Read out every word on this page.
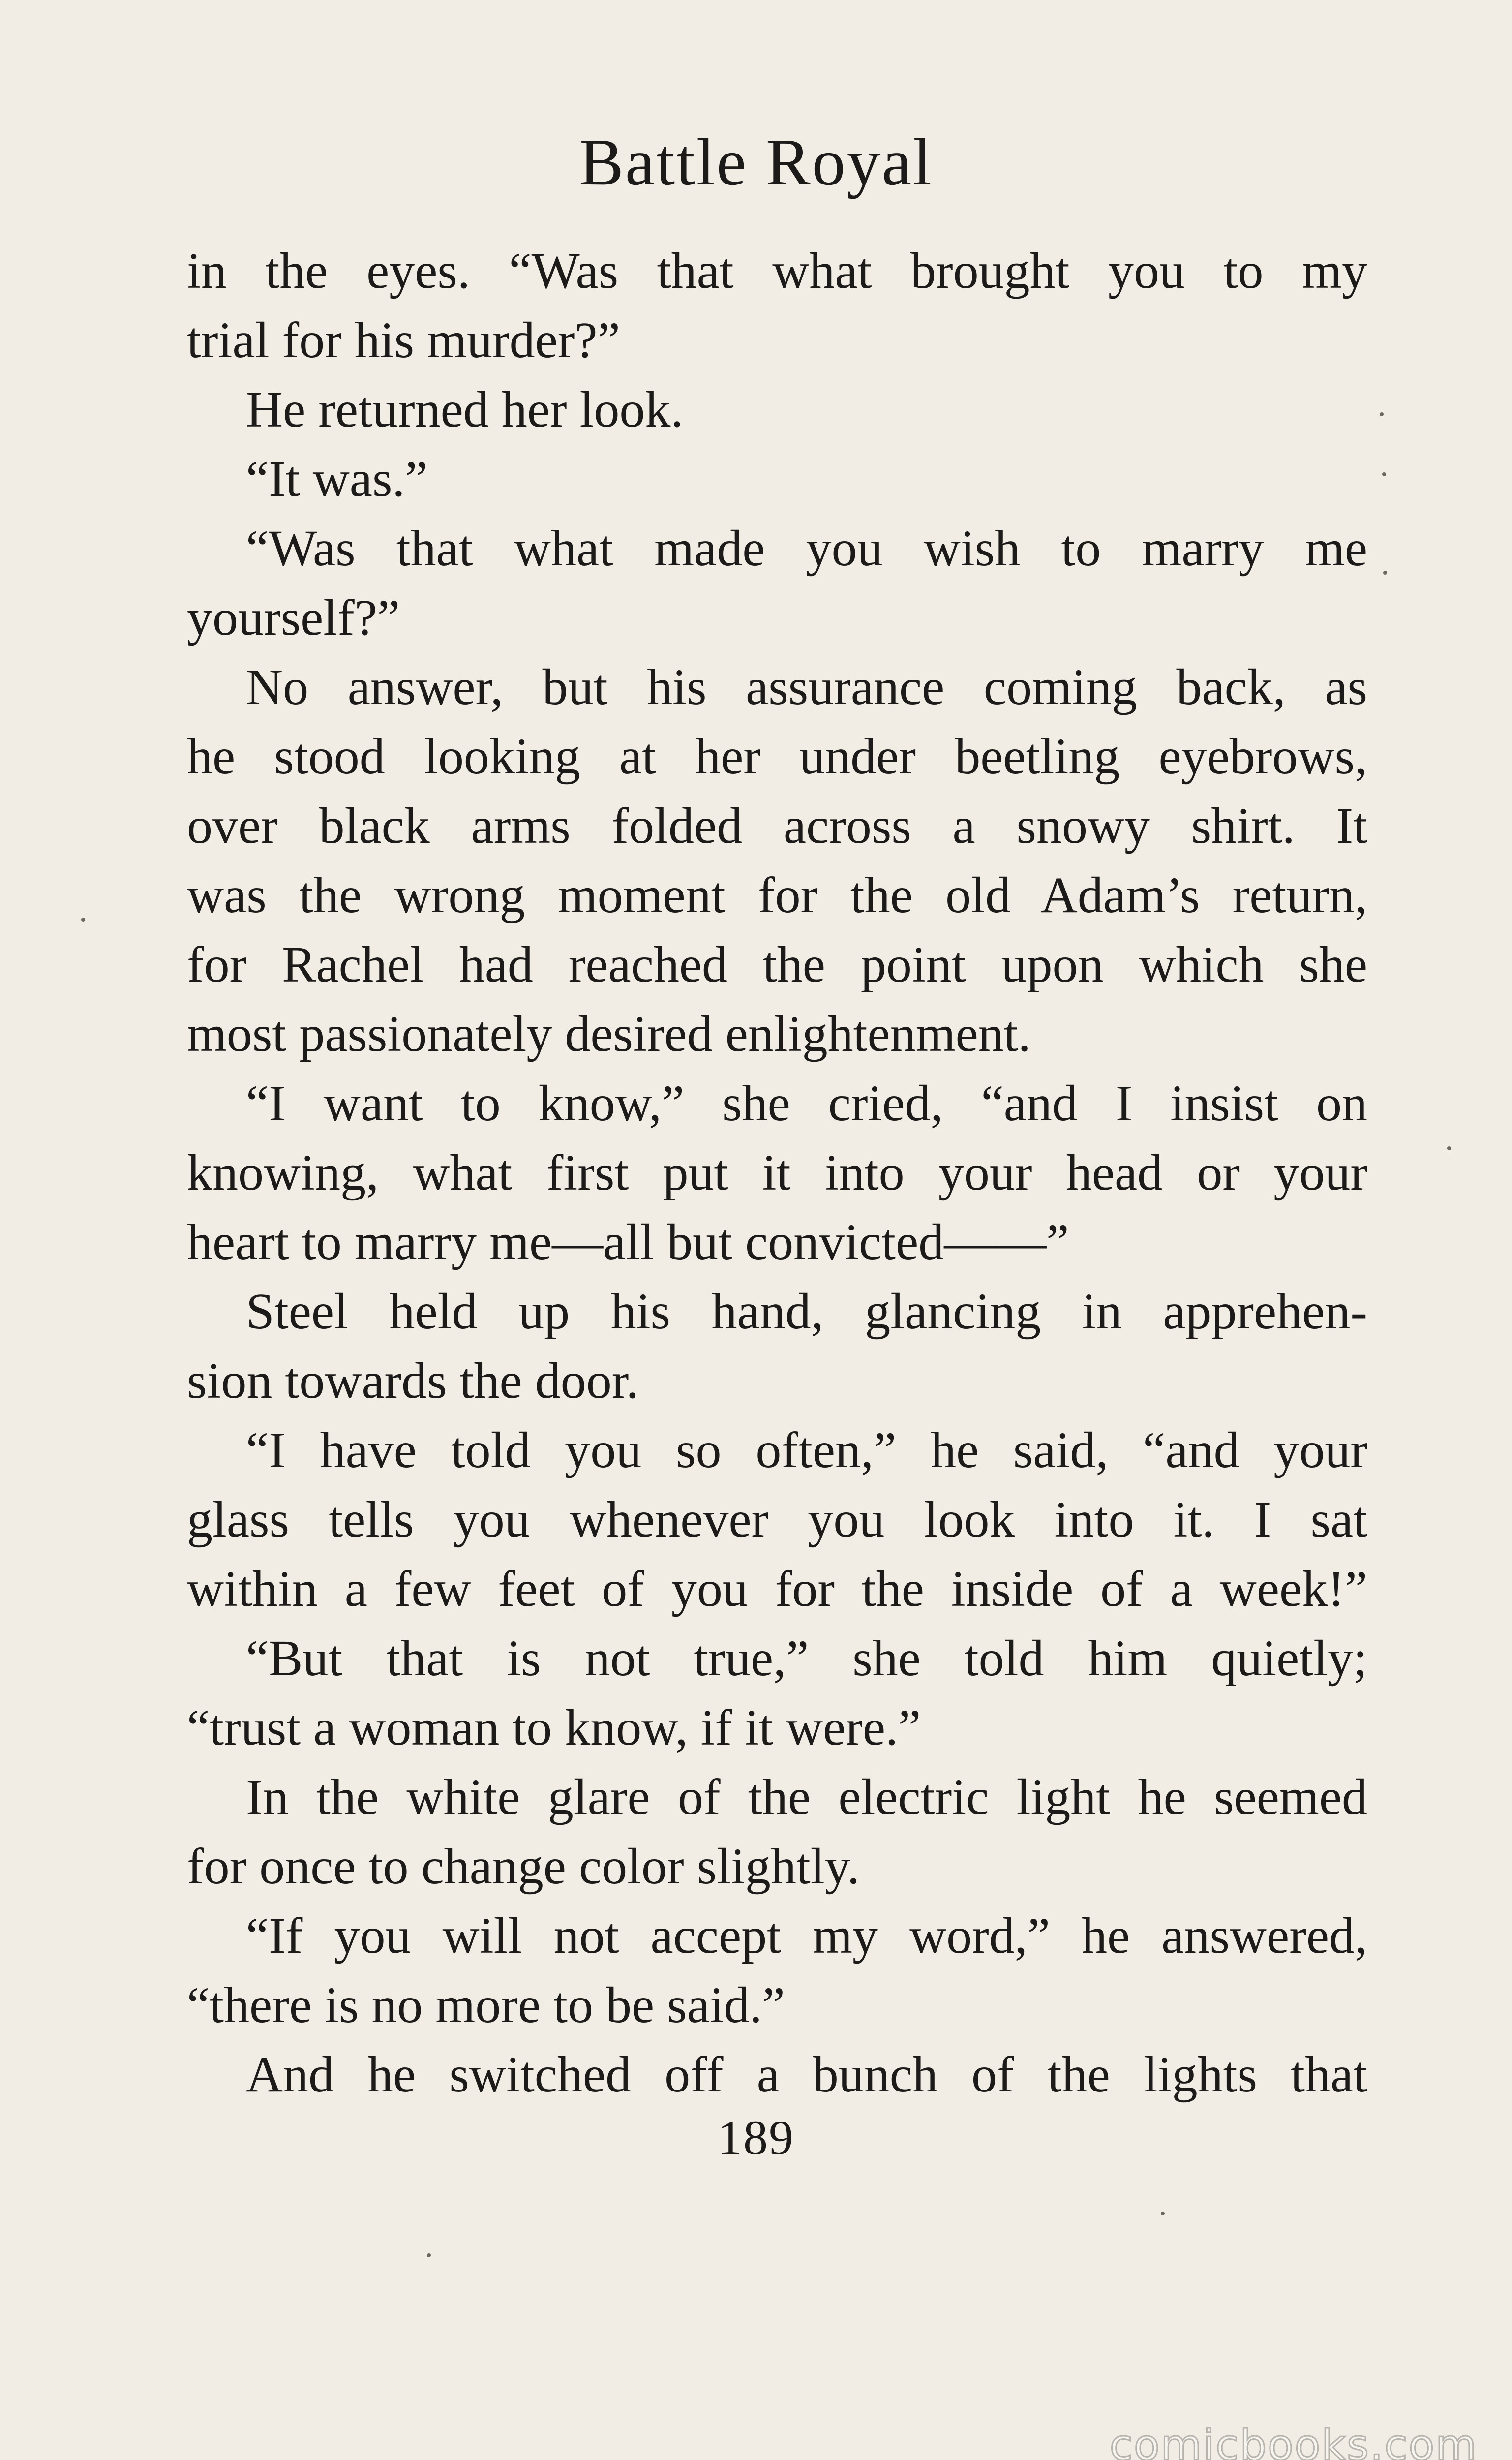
Battle Royal
in the eyes. “Was that what brought you to my
trial for his murder?”
He returned her look.
“It was.”
“Was that what made you wish to marry me
yourself?”
No answer, but his assurance coming back, as
he stood looking at her under beetling eyebrows,
over black arms folded across a snowy shirt. It
was the wrong moment for the old Adam’s return,
for Rachel had reached the point upon which she
most passionately desired enlightenment.
“I want to know,” she cried, “and I insist on
knowing, what first put it into your head or your
heart to marry me—all but convicted——”
Steel held up his hand, glancing in apprehen-
sion towards the door.
“I have told you so often,” he said, “and your
glass tells you whenever you look into it. I sat
within a few feet of you for the inside of a week!”
“But that is not true,” she told him quietly;
“trust a woman to know, if it were.”
In the white glare of the electric light he seemed
for once to change color slightly.
“If you will not accept my word,” he answered,
“there is no more to be said.”
And he switched off a bunch of the lights that
189
comicbooks.com
